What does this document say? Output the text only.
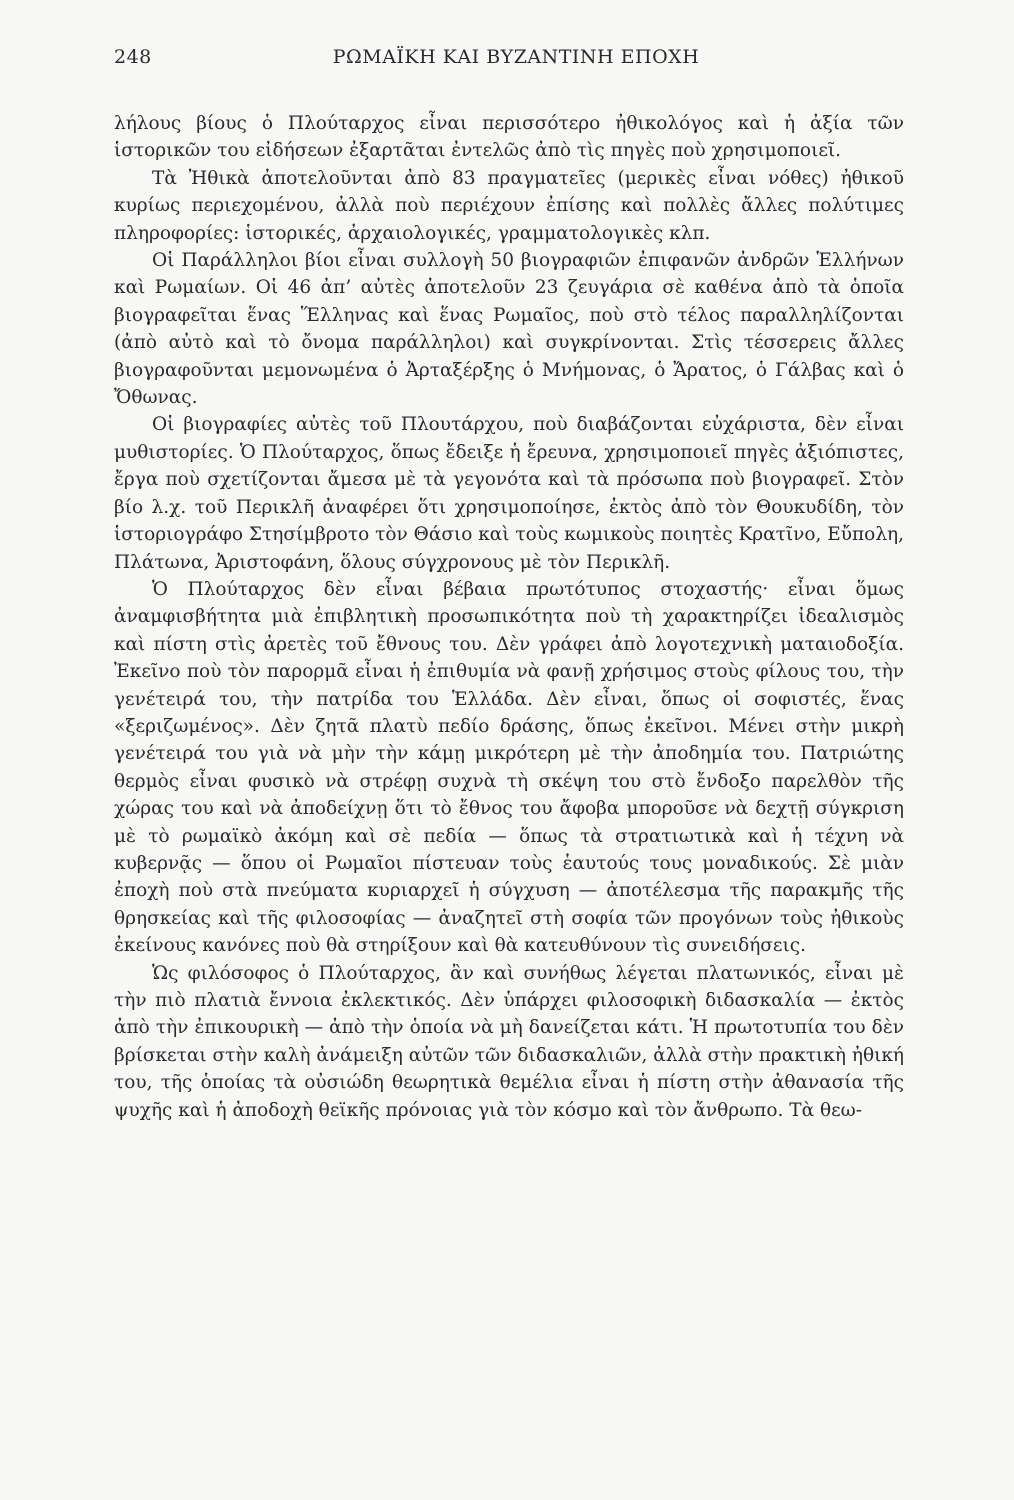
248	ΡΩΜΑΪΚΗ ΚΑΙ ΒΥΖΑΝΤΙΝΗ ΕΠΟΧΗ

λήλους βίους ὁ Πλούταρχος εἶναι περισσότερο ἠθικολόγος καὶ ἡ ἀξία τῶν ἱστορικῶν του εἰδήσεων ἐξαρτᾶται ἐντελῶς ἀπὸ τὶς πηγὲς ποὺ χρησιμοποιεῖ.

Τὰ Ἠθικὰ ἀποτελοῦνται ἀπὸ 83 πραγματεῖες (μερικὲς εἶναι νόθες) ἠθικοῦ κυρίως περιεχομένου, ἀλλὰ ποὺ περιέχουν ἐπίσης καὶ πολλὲς ἄλλες πολύτιμες πληροφορίες: ἱστορικές, ἀρχαιολογικές, γραμματολογικὲς κλπ.

Οἱ Παράλληλοι βίοι εἶναι συλλογὴ 50 βιογραφιῶν ἐπιφανῶν ἀνδρῶν Ἑλλήνων καὶ Ρωμαίων. Οἱ 46 ἀπ’ αὐτὲς ἀποτελοῦν 23 ζευγάρια σὲ καθένα ἀπὸ τὰ ὁποῖα βιογραφεῖται ἕνας Ἕλληνας καὶ ἕνας Ρωμαῖος, ποὺ στὸ τέλος παραλληλίζονται (ἀπὸ αὐτὸ καὶ τὸ ὄνομα παράλληλοι) καὶ συγκρίνονται. Στὶς τέσσερεις ἄλλες βιογραφοῦνται μεμονωμένα ὁ Ἀρταξέρξης ὁ Μνήμονας, ὁ Ἄρατος, ὁ Γάλβας καὶ ὁ Ὄθωνας.

Οἱ βιογραφίες αὐτὲς τοῦ Πλουτάρχου, ποὺ διαβάζονται εὐχάριστα, δὲν εἶναι μυθιστορίες. Ὁ Πλούταρχος, ὅπως ἔδειξε ἡ ἔρευνα, χρησιμοποιεῖ πηγὲς ἀξιόπιστες, ἔργα ποὺ σχετίζονται ἄμεσα μὲ τὰ γεγονότα καὶ τὰ πρόσωπα ποὺ βιογραφεῖ. Στὸν βίο λ.χ. τοῦ Περικλῆ ἀναφέρει ὅτι χρησιμοποίησε, ἐκτὸς ἀπὸ τὸν Θουκυδίδη, τὸν ἱστοριογράφο Στησίμβροτο τὸν Θάσιο καὶ τοὺς κωμικοὺς ποιητὲς Κρατῖνο, Εὔπολη, Πλάτωνα, Ἀριστοφάνη, ὅλους σύγχρονους μὲ τὸν Περικλῆ.

Ὁ Πλούταρχος δὲν εἶναι βέβαια πρωτότυπος στοχαστής· εἶναι ὅμως ἀναμφισβήτητα μιὰ ἐπιβλητικὴ προσωπικότητα ποὺ τὴ χαρακτηρίζει ἰδεαλισμὸς καὶ πίστη στὶς ἀρετὲς τοῦ ἔθνους του. Δὲν γράφει ἀπὸ λογοτεχνικὴ ματαιοδοξία. Ἐκεῖνο ποὺ τὸν παρορμᾶ εἶναι ἡ ἐπιθυμία νὰ φανῇ χρήσιμος στοὺς φίλους του, τὴν γενέτειρά του, τὴν πατρίδα του Ἑλλάδα. Δὲν εἶναι, ὅπως οἱ σοφιστές, ἕνας «ξεριζωμένος». Δὲν ζητᾶ πλατὺ πεδίο δράσης, ὅπως ἐκεῖνοι. Μένει στὴν μικρὴ γενέτειρά του γιὰ νὰ μὴν τὴν κάμῃ μικρότερη μὲ τὴν ἀποδημία του. Πατριώτης θερμὸς εἶναι φυσικὸ νὰ στρέφῃ συχνὰ τὴ σκέψη του στὸ ἔνδοξο παρελθὸν τῆς χώρας του καὶ νὰ ἀποδείχνῃ ὅτι τὸ ἔθνος του ἄφοβα μποροῦσε νὰ δεχτῇ σύγκριση μὲ τὸ ρωμαϊκὸ ἀκόμη καὶ σὲ πεδία — ὅπως τὰ στρατιωτικὰ καὶ ἡ τέχνη νὰ κυβερνᾷς — ὅπου οἱ Ρωμαῖοι πίστευαν τοὺς ἑαυτούς τους μοναδικούς. Σὲ μιὰν ἐποχὴ ποὺ στὰ πνεύματα κυριαρχεῖ ἡ σύγχυση — ἀποτέλεσμα τῆς παρακμῆς τῆς θρησκείας καὶ τῆς φιλοσοφίας — ἀναζητεῖ στὴ σοφία τῶν προγόνων τοὺς ἠθικοὺς ἐκείνους κανόνες ποὺ θὰ στηρίξουν καὶ θὰ κατευθύνουν τὶς συνειδήσεις.

Ὡς φιλόσοφος ὁ Πλούταρχος, ἂν καὶ συνήθως λέγεται πλατωνικός, εἶναι μὲ τὴν πιὸ πλατιὰ ἔννοια ἐκλεκτικός. Δὲν ὑπάρχει φιλοσοφικὴ διδασκαλία — ἐκτὸς ἀπὸ τὴν ἐπικουρικὴ — ἀπὸ τὴν ὁποία νὰ μὴ δανείζεται κάτι. Ἡ πρωτοτυπία του δὲν βρίσκεται στὴν καλὴ ἀνάμειξη αὐτῶν τῶν διδασκαλιῶν, ἀλλὰ στὴν πρακτικὴ ἠθική του, τῆς ὁποίας τὰ οὐσιώδη θεωρητικὰ θεμέλια εἶναι ἡ πίστη στὴν ἀθανασία τῆς ψυχῆς καὶ ἡ ἀποδοχὴ θεϊκῆς πρόνοιας γιὰ τὸν κόσμο καὶ τὸν ἄνθρωπο. Τὰ θεω-
